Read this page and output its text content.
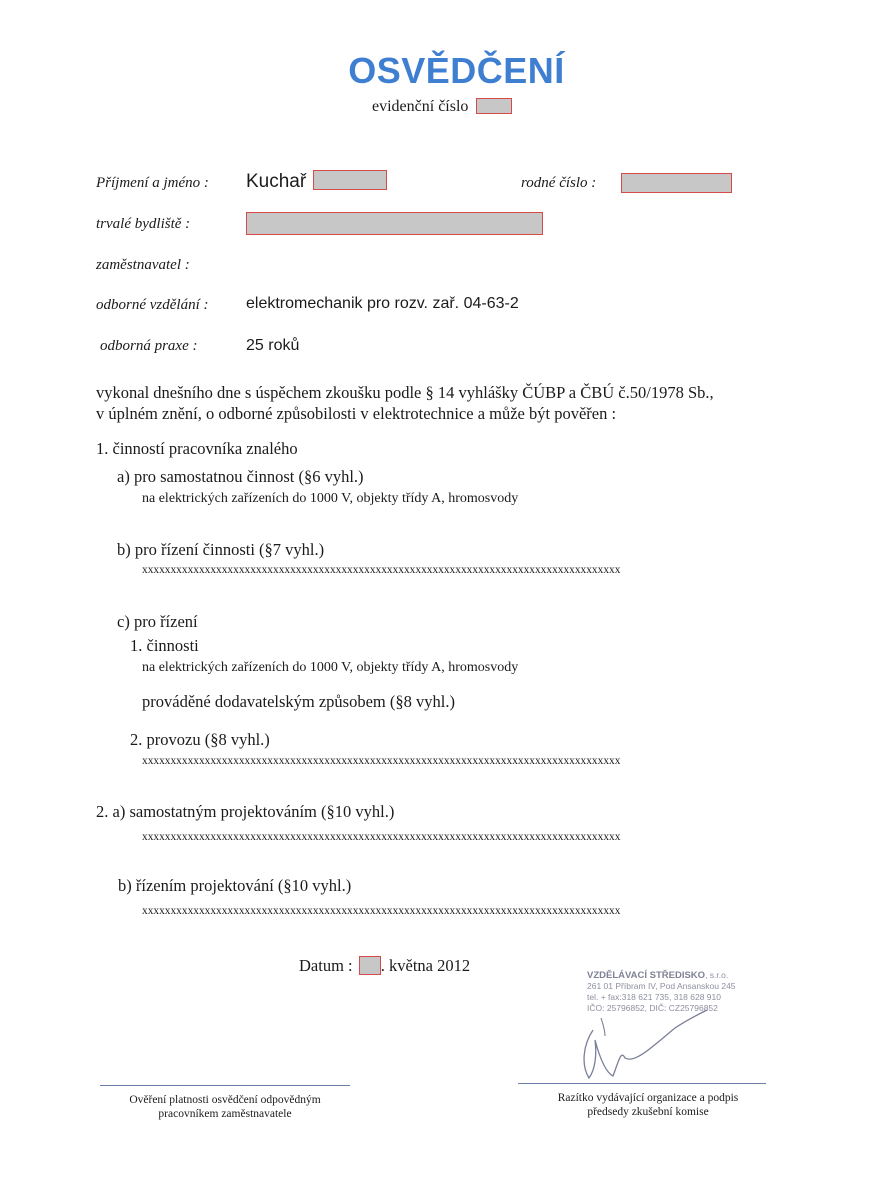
OSVĚDČENÍ
evidenční číslo
Příjmení a jméno : Kuchař	rodné číslo :
trvalé bydliště :
zaměstnavatel :
odborné vzdělání : elektromechanik pro rozv. zař. 04-63-2
odborná praxe :	25 roků
vykonal dnešního dne s úspěchem zkoušku podle § 14 vyhlášky ČÚBP a ČBÚ č.50/1978 Sb.,
v úplném znění, o odborné způsobilosti v elektrotechnice a může být pověřen :
1. činností pracovníka znalého
a) pro samostatnou činnost (§6 vyhl.)
na elektrických zařízeních do 1000 V, objekty třídy A, hromosvody
b) pro řízení činnosti (§7 vyhl.)
xxxxxxxxxxxxxxxxxxxxxxxxxxxxxxxxxxxxxxxxxxxxxxxxxxxxxxxxxxxxxxxxxxxxxxxxxxxxxxxxxxxx
c) pro řízení
1. činnosti
na elektrických zařízeních do 1000 V, objekty třídy A, hromosvody
prováděné dodavatelským způsobem (§8 vyhl.)
2. provozu (§8 vyhl.)
xxxxxxxxxxxxxxxxxxxxxxxxxxxxxxxxxxxxxxxxxxxxxxxxxxxxxxxxxxxxxxxxxxxxxxxxxxxxxxxxxxxx
2. a) samostatným projektováním (§10 vyhl.)
xxxxxxxxxxxxxxxxxxxxxxxxxxxxxxxxxxxxxxxxxxxxxxxxxxxxxxxxxxxxxxxxxxxxxxxxxxxxxxxxxxxx
b) řízením projektování (§10 vyhl.)
xxxxxxxxxxxxxxxxxxxxxxxxxxxxxxxxxxxxxxxxxxxxxxxxxxxxxxxxxxxxxxxxxxxxxxxxxxxxxxxxxxxx
Datum : . května 2012
VZDĚLÁVACÍ STŘEDISKO, s.r.o.
261 01 Příbram IV, Pod Ansanskou 245
tel. + fax:318 621 735, 318 628 910
IČO: 25796852, DIČ: CZ25796852
Ověření platnosti osvědčení odpovědným
pracovníkem zaměstnavatele
Razítko vydávající organizace a podpis
předsedy zkušební komise
